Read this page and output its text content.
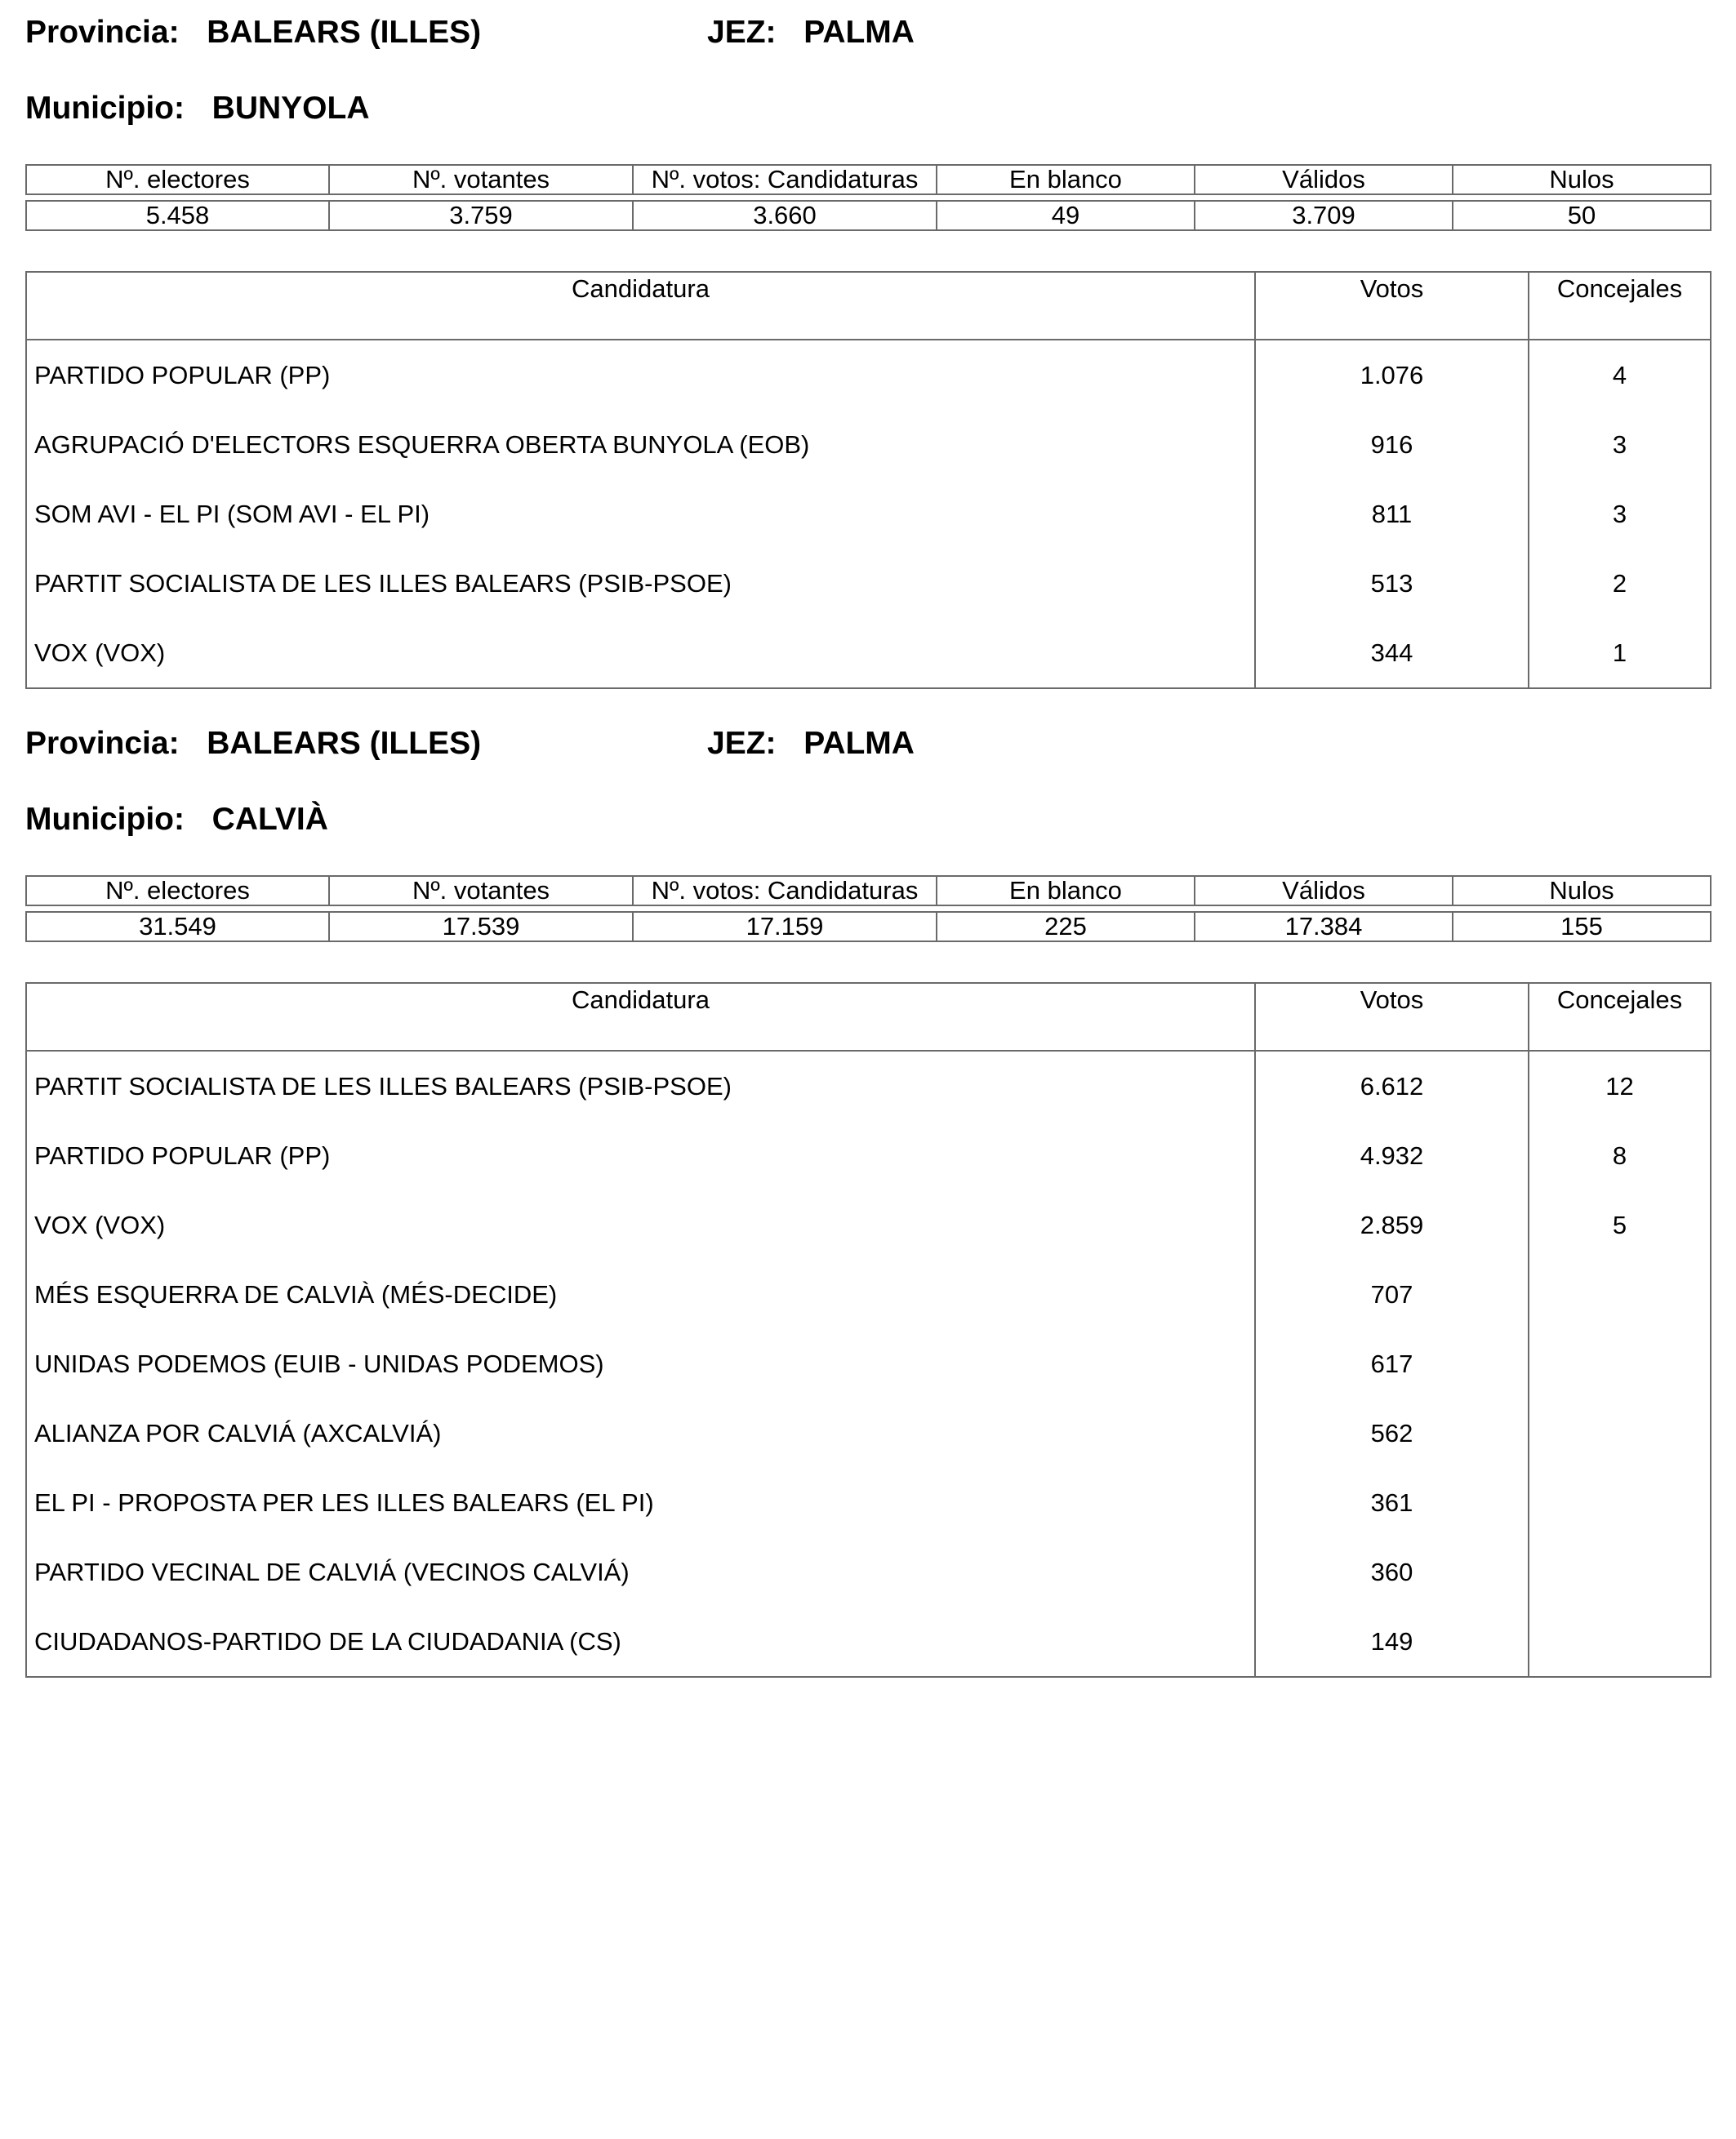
Provincia: BALEARS (ILLES)	JEZ: PALMA
Municipio: BUNYOLA
Nº. electores	Nº. votantes	Nº. votos: Candidaturas	En blanco	Válidos	Nulos

5.458	3.759	3.660	49	3.709	50
Candidatura	Votos	Concejales
PARTIDO POPULAR (PP)	1.076	4
AGRUPACIÓ D'ELECTORS ESQUERRA OBERTA BUNYOLA (EOB)	916	3
SOM AVI - EL PI (SOM AVI - EL PI)	811	3
PARTIT SOCIALISTA DE LES ILLES BALEARS (PSIB-PSOE)	513	2
VOX (VOX)	344	1
Provincia: BALEARS (ILLES)	JEZ: PALMA
Municipio: CALVIÀ
Nº. electores	Nº. votantes	Nº. votos: Candidaturas	En blanco	Válidos	Nulos

31.549	17.539	17.159	225	17.384	155
Candidatura	Votos	Concejales
PARTIT SOCIALISTA DE LES ILLES BALEARS (PSIB-PSOE)	6.612	12
PARTIDO POPULAR (PP)	4.932	8
VOX (VOX)	2.859	5
MÉS ESQUERRA DE CALVIÀ (MÉS-DECIDE)	707	
UNIDAS PODEMOS (EUIB - UNIDAS PODEMOS)	617	
ALIANZA POR CALVIÁ (AXCALVIÁ)	562	
EL PI - PROPOSTA PER LES ILLES BALEARS (EL PI)	361	
PARTIDO VECINAL DE CALVIÁ (VECINOS CALVIÁ)	360	
CIUDADANOS-PARTIDO DE LA CIUDADANIA (CS)	149	
